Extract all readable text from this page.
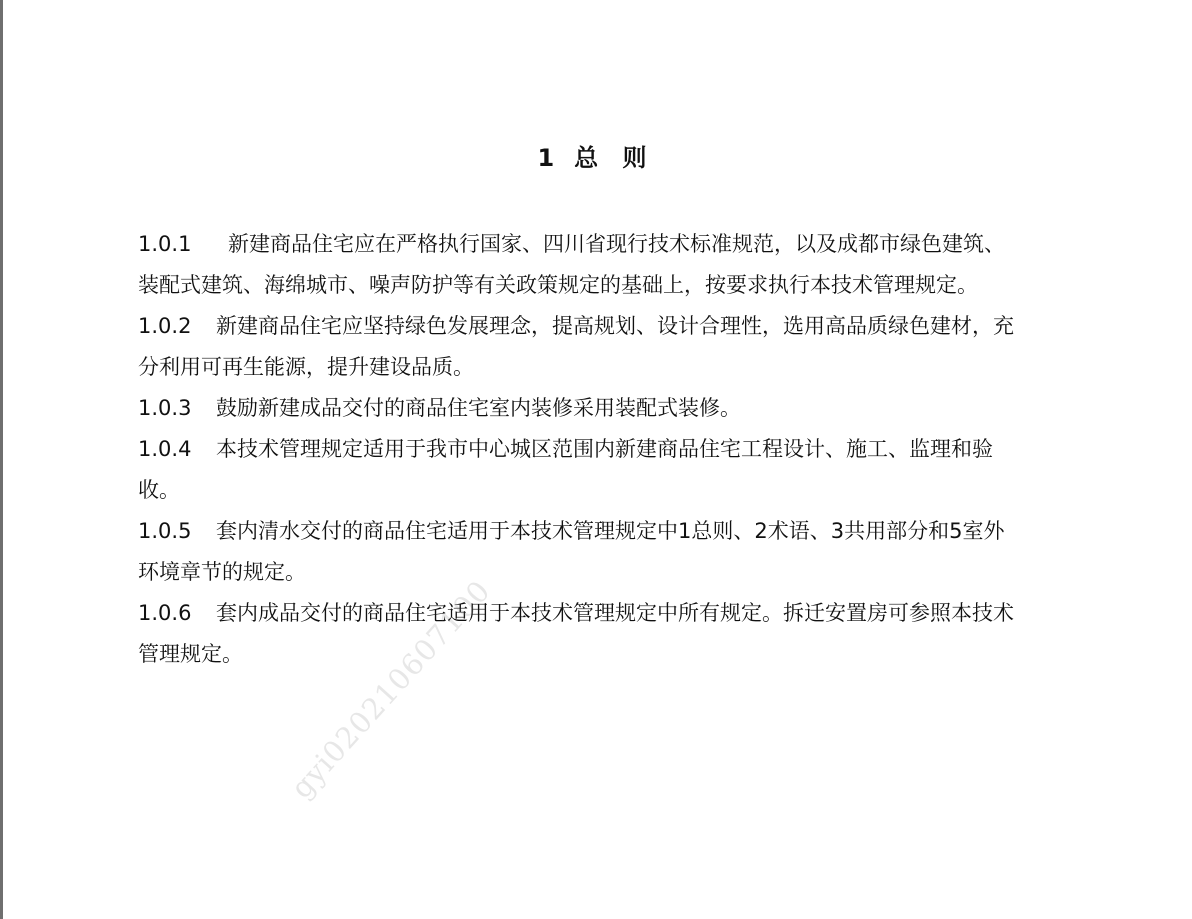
1 总 则

1.0.1 新建商品住宅应在严格执行国家、四川省现行技术标准规范，以及成都市绿色建筑、装配式建筑、海绵城市、噪声防护等有关政策规定的基础上，按要求执行本技术管理规定。

1.0.2 新建商品住宅应坚持绿色发展理念，提高规划、设计合理性，选用高品质绿色建材，充分利用可再生能源，提升建设品质。

1.0.3 鼓励新建成品交付的商品住宅室内装修采用装配式装修。

1.0.4 本技术管理规定适用于我市中心城区范围内新建商品住宅工程设计、施工、监理和验收。

1.0.5 套内清水交付的商品住宅适用于本技术管理规定中1总则、2术语、3共用部分和5室外环境章节的规定。

1.0.6 套内成品交付的商品住宅适用于本技术管理规定中所有规定。拆迁安置房可参照本技术管理规定。	gyi020210607100
